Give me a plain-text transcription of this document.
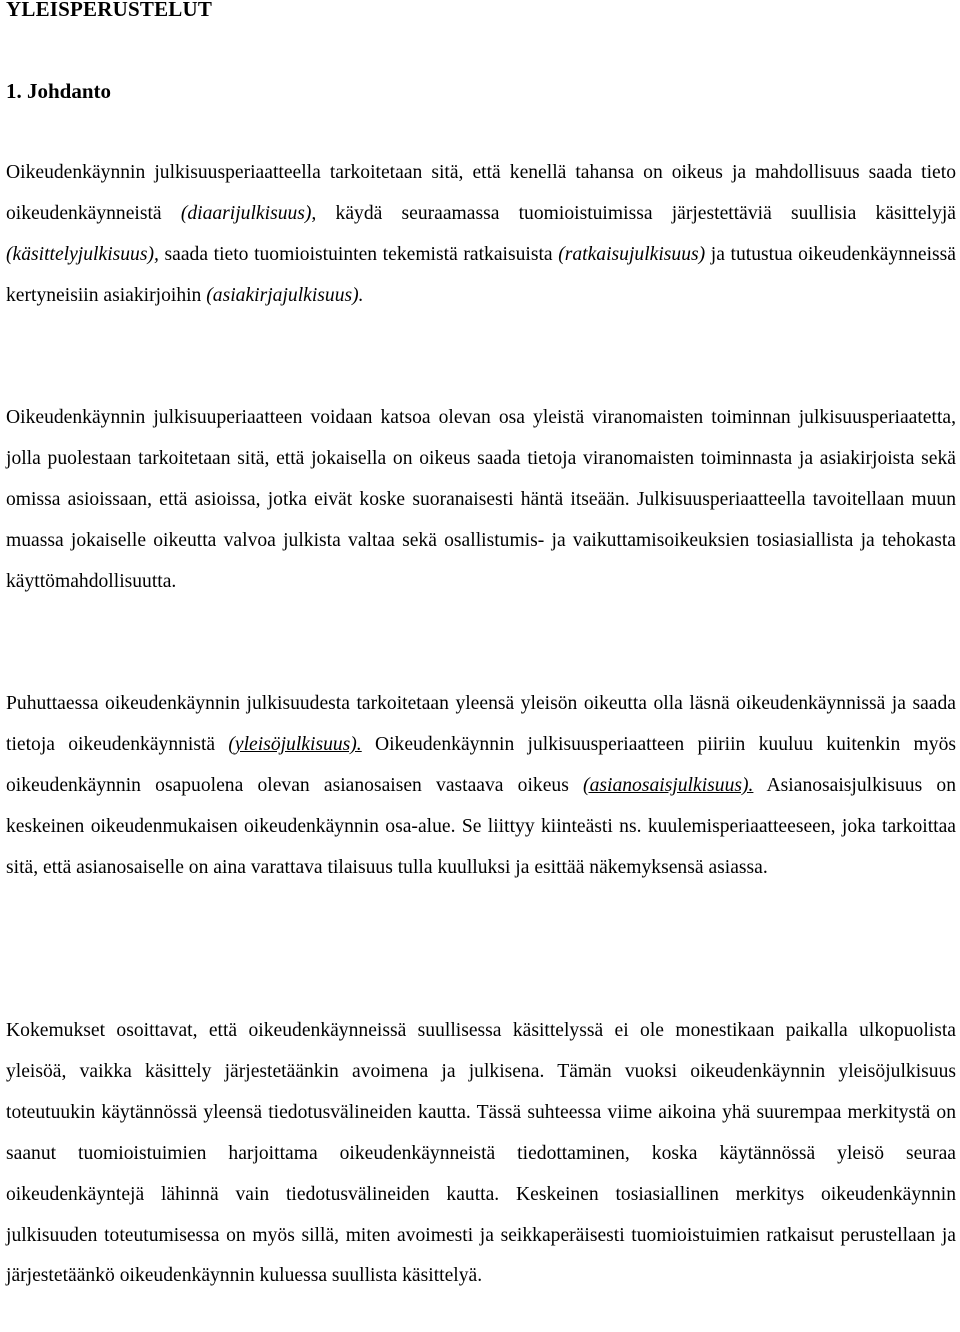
YLEISPERUSTELUT
1. Johdanto

Oikeudenkäynnin julkisuusperiaatteella tarkoitetaan sitä, että kenellä tahansa on oikeus ja mahdollisuus saada tieto oikeudenkäynneistä (diaarijulkisuus), käydä seuraamassa tuomioistuimissa järjestettäviä suullisia käsittelyjä (käsittelyjulkisuus), saada tieto tuomioistuinten tekemistä ratkaisuista (ratkaisujulkisuus) ja tutustua oikeudenkäynneissä kertyneisiin asiakirjoihin (asiakirjajulkisuus).

Oikeudenkäynnin julkisuuperiaatteen voidaan katsoa olevan osa yleistä viranomaisten toiminnan julkisuusperiaatetta, jolla puolestaan tarkoitetaan sitä, että jokaisella on oikeus saada tietoja viranomaisten toiminnasta ja asiakirjoista sekä omissa asioissaan, että asioissa, jotka eivät koske suoranaisesti häntä itseään. Julkisuusperiaatteella tavoitellaan muun muassa jokaiselle oikeutta valvoa julkista valtaa sekä osallistumis- ja vaikuttamisoikeuksien tosiasiallista ja tehokasta käyttömahdollisuutta.

Puhuttaessa oikeudenkäynnin julkisuudesta tarkoitetaan yleensä yleisön oikeutta olla läsnä oikeudenkäynnissä ja saada tietoja oikeudenkäynnistä (yleisöjulkisuus). Oikeudenkäynnin julkisuusperiaatteen piiriin kuuluu kuitenkin myös oikeudenkäynnin osapuolena olevan asianosaisen vastaava oikeus (asianosaisjulkisuus). Asianosaisjulkisuus on keskeinen oikeudenmukaisen oikeudenkäynnin osa-alue. Se liittyy kiinteästi ns. kuulemisperiaatteeseen, joka tarkoittaa sitä, että asianosaiselle on aina varattava tilaisuus tulla kuulluksi ja esittää näkemyksensä asiassa.

Kokemukset osoittavat, että oikeudenkäynneissä suullisessa käsittelyssä ei ole monestikaan paikalla ulkopuolista yleisöä, vaikka käsittely järjestetäänkin avoimena ja julkisena. Tämän vuoksi oikeudenkäynnin yleisöjulkisuus toteutuukin käytännössä yleensä tiedotusvälineiden kautta. Tässä suhteessa viime aikoina yhä suurempaa merkitystä on saanut tuomioistuimien harjoittama oikeudenkäynneistä tiedottaminen, koska käytännössä yleisö seuraa oikeudenkäyntejä lähinnä vain tiedotusvälineiden kautta. Keskeinen tosiasiallinen merkitys oikeudenkäynnin julkisuuden toteutumisessa on myös sillä, miten avoimesti ja seikkaperäisesti tuomioistuimien ratkaisut perustellaan ja järjestetäänkö oikeudenkäynnin kuluessa suullista käsittelyä.
